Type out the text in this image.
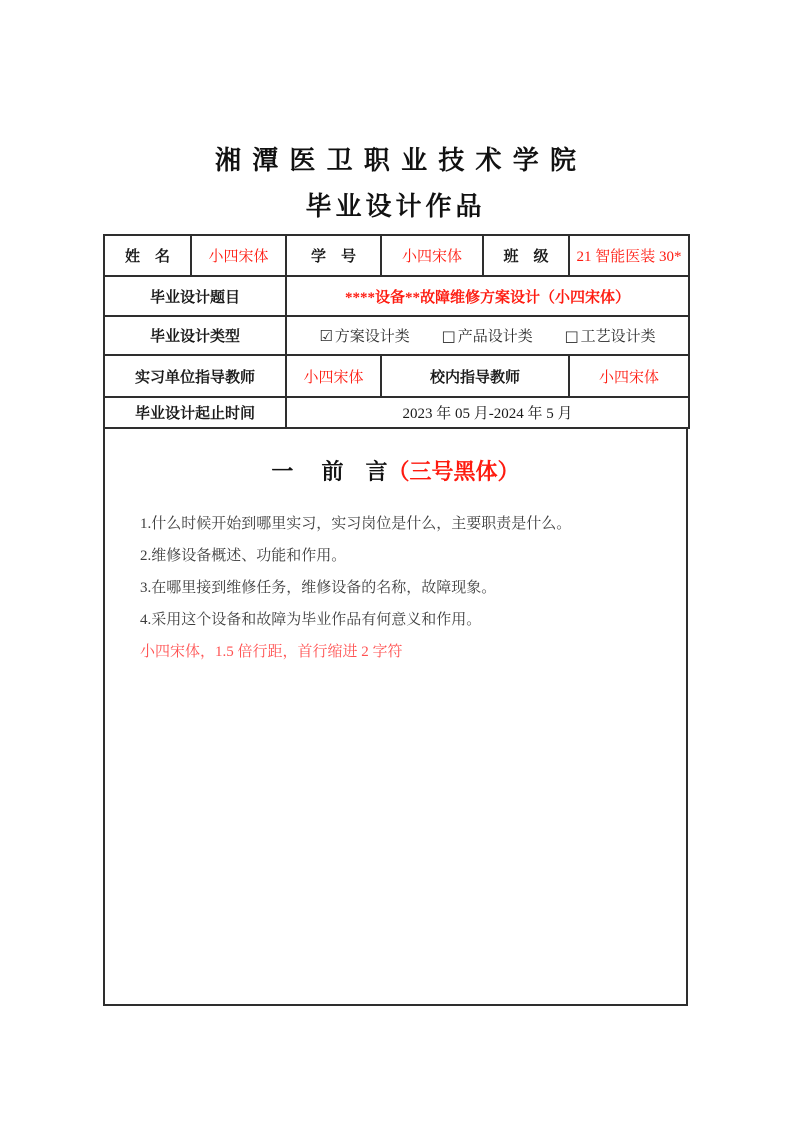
湘 潭 医 卫 职 业 技 术 学 院
毕业设计作品
姓　名	小四宋体	学　号	小四宋体	班　级	21 智能医装 30*
毕业设计题目		****设备**故障维修方案设计（小四宋体）			
毕业设计类型		☑ 方案设计类 □ 产品设计类 □ 工艺设计类			
实习单位指导教师		小四宋体	校内指导教师		小四宋体
毕业设计起止时间		2023 年 05 月-2024 年 5 月			
一　 前　言（三号黑体）

1.什么时候开始到哪里实习，实习岗位是什么，主要职责是什么。

2.维修设备概述、功能和作用。

3.在哪里接到维修任务，维修设备的名称，故障现象。

4.采用这个设备和故障为毕业作品有何意义和作用。

小四宋体，1.5 倍行距，首行缩进 2 字符
